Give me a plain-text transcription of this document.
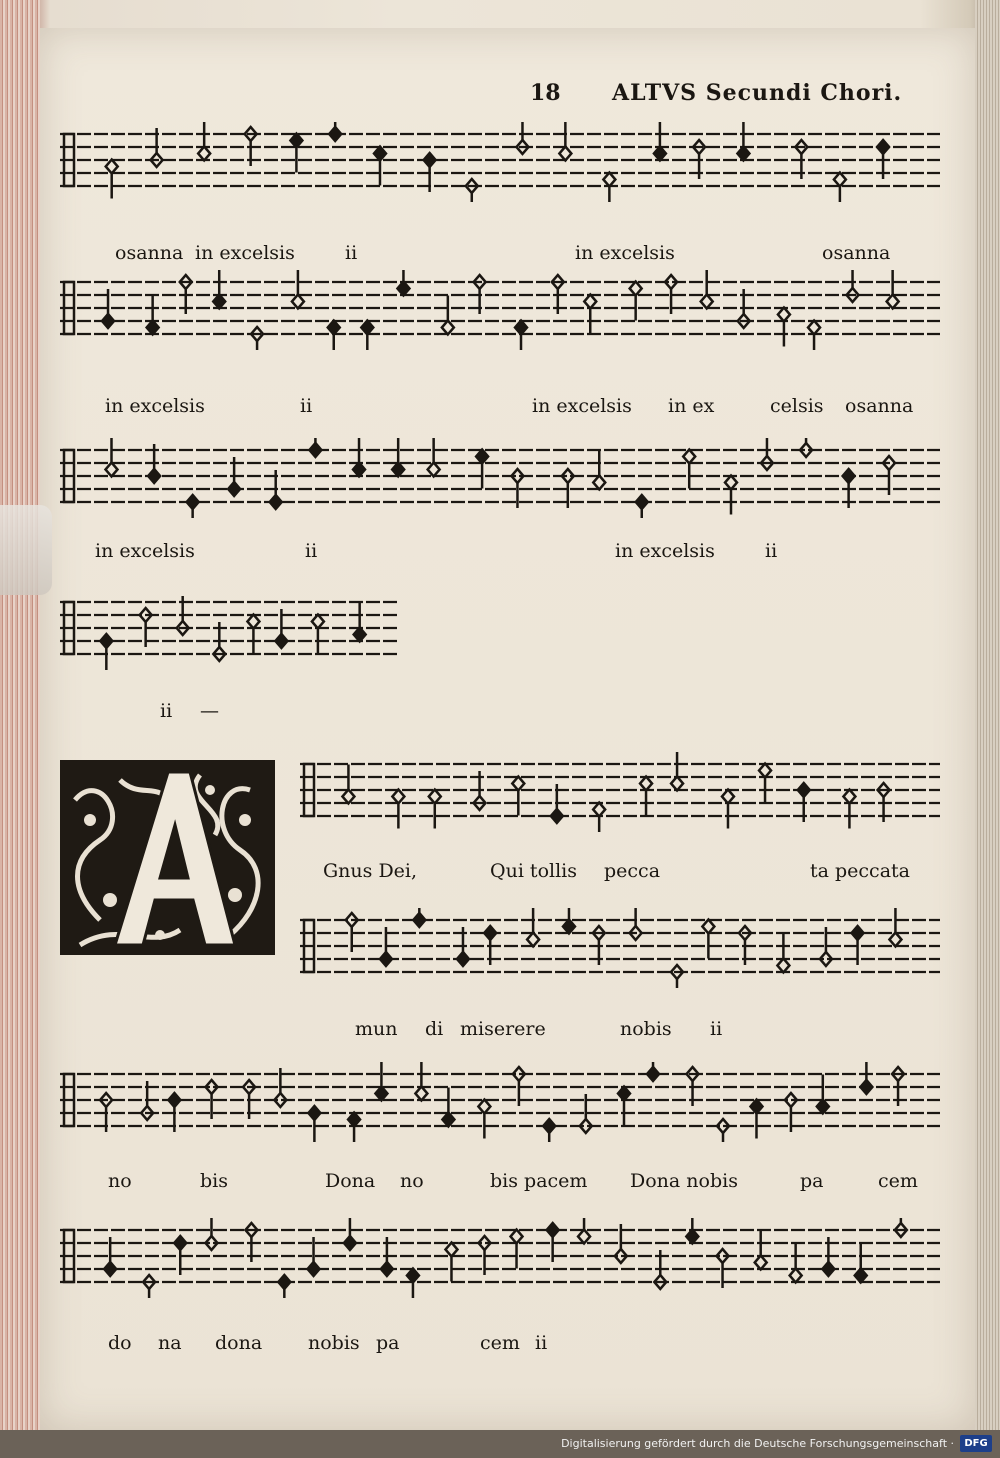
18 ALTVS Secundi Chori.
osanna in excelsis	ii	in excelsis	osanna
in excelsis	ii	in excelsis in ex	celsis osanna
in excelsis	ii	in excelsis	ii
ii —
Gnus Dei,	Qui tollis pecca	ta peccata
mun di miserere	nobis ii
no	bis	Dona no	bis pacem Dona nobis	pa	cem
do na dona nobis pa	cem ii
Digitalisierung gefördert durch die Deutsche Forschungsgemeinschaft ·	DFG
